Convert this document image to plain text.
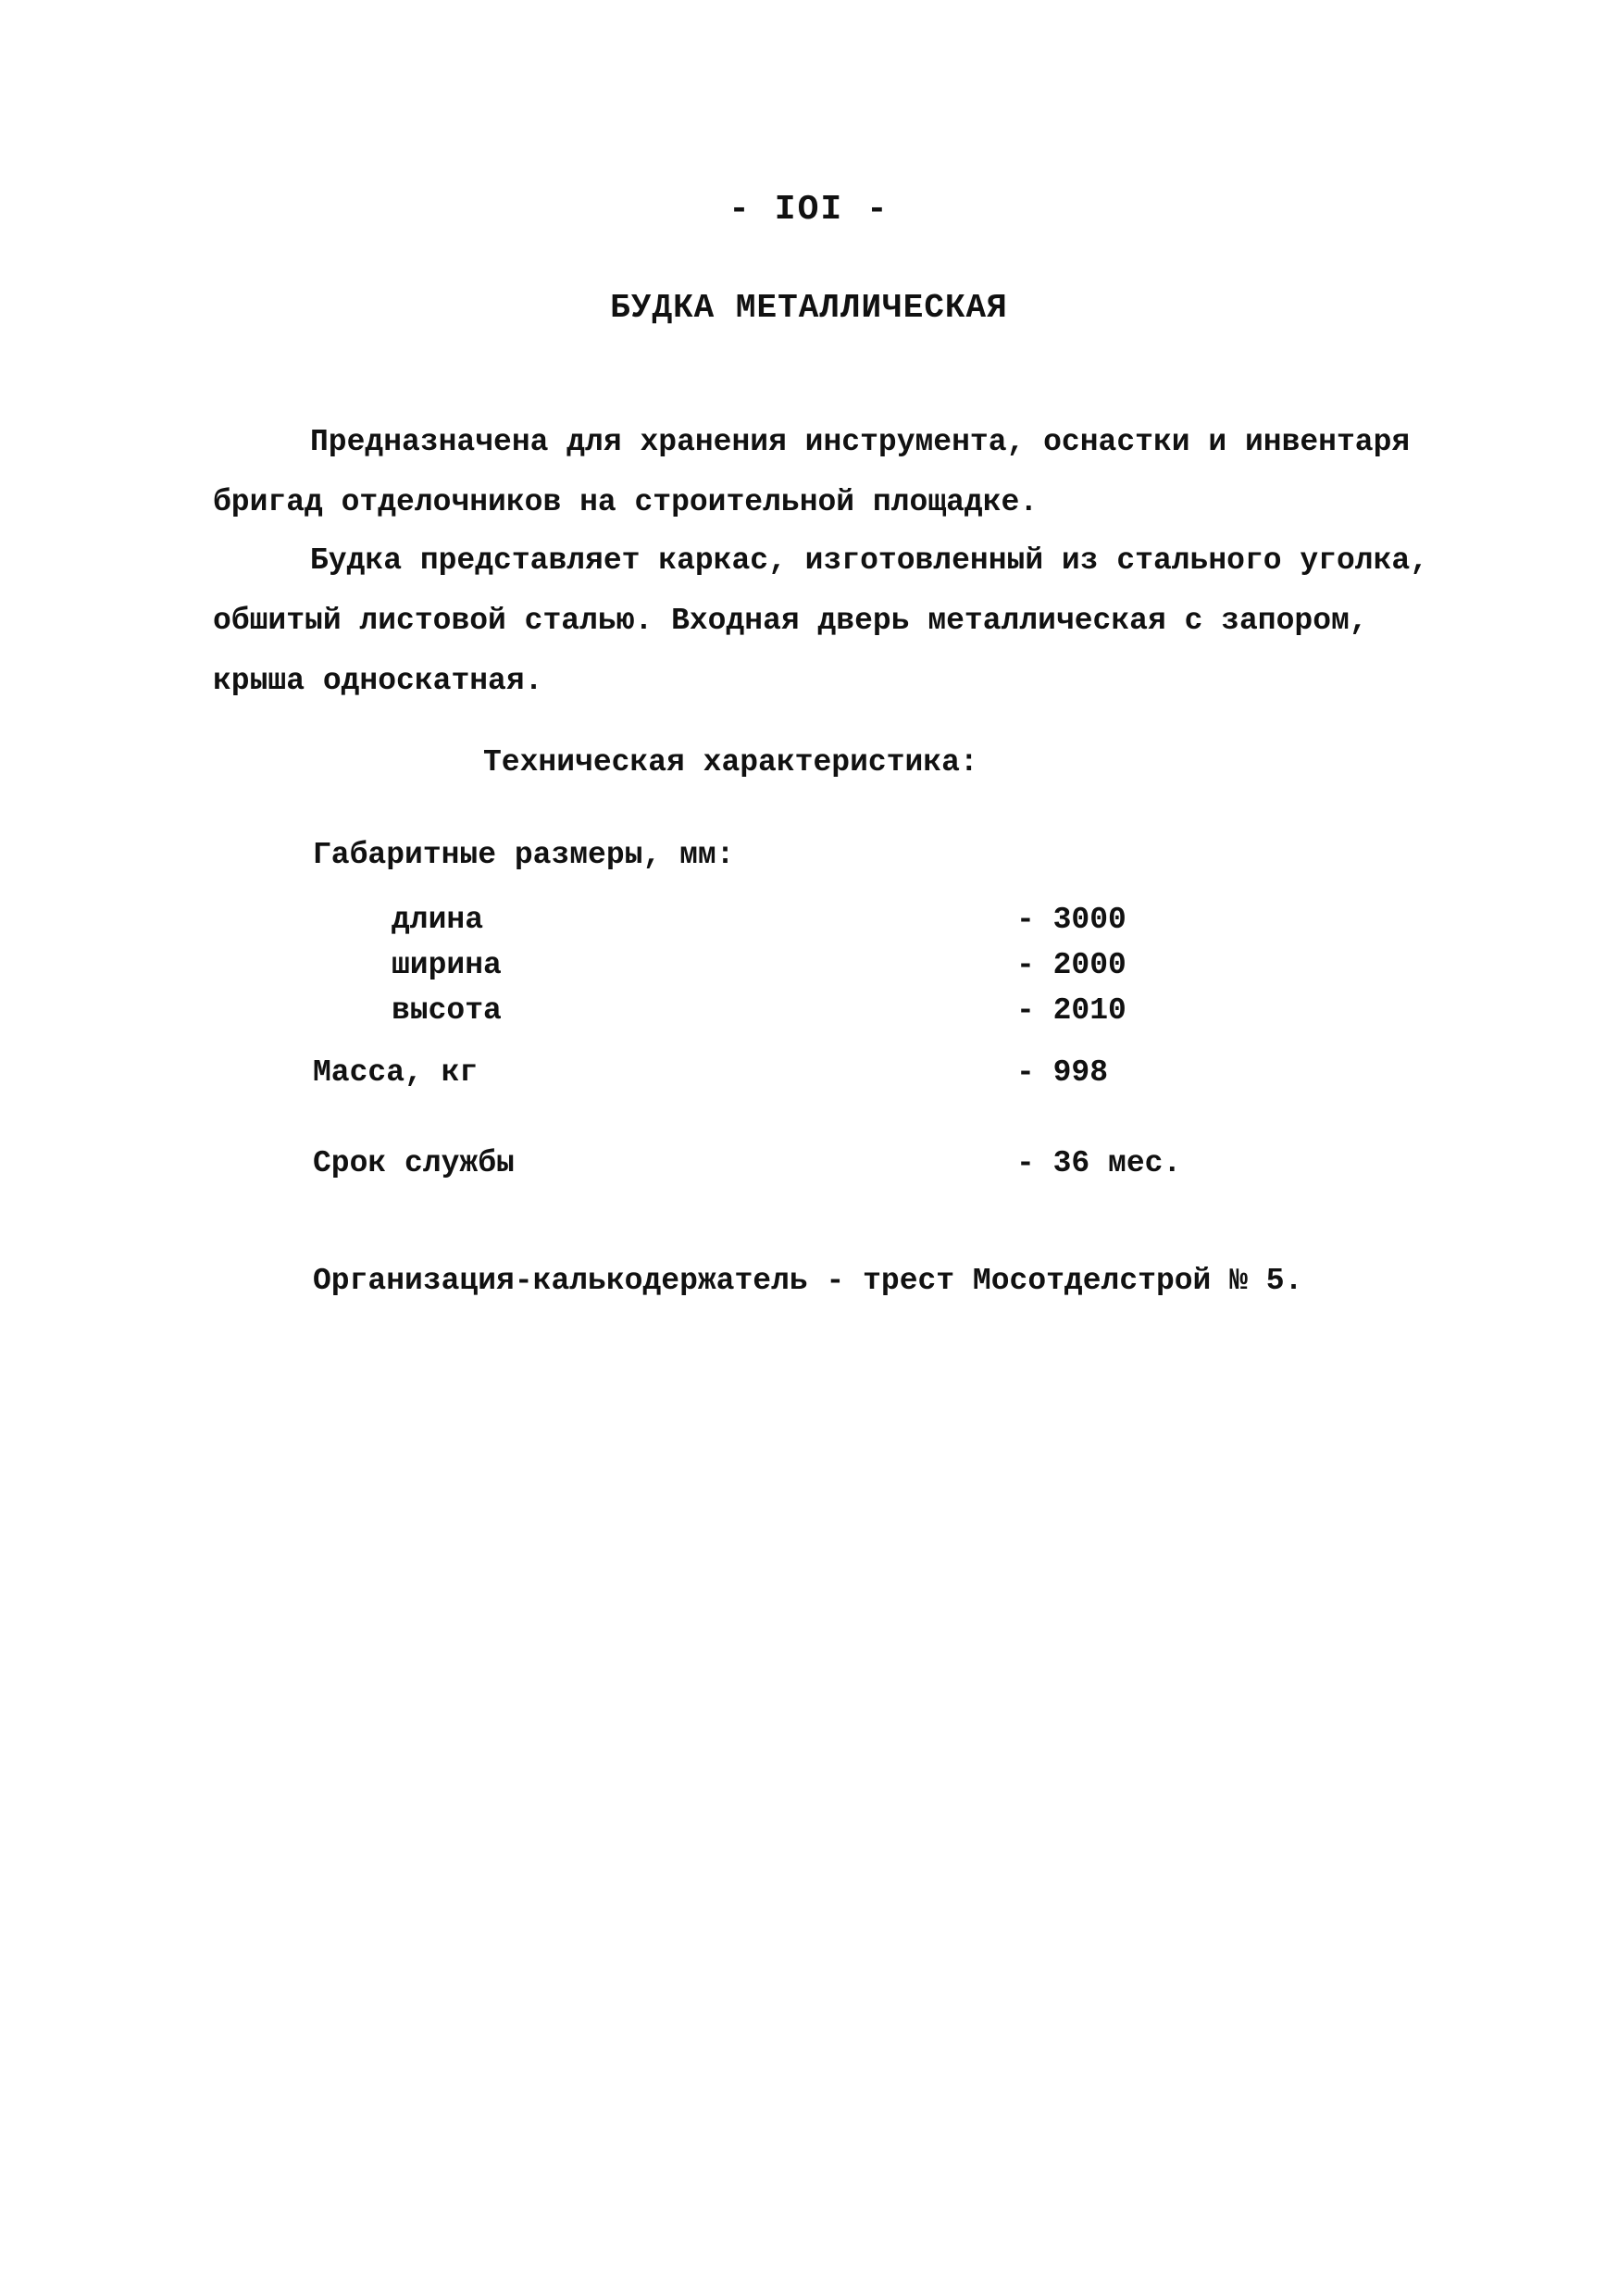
- IOI -
БУДКА МЕТАЛЛИЧЕСКАЯ
Предназначена для хранения инструмента, оснастки и инвентаря
бригад отделочников на строительной площадке.
Будка представляет каркас, изготовленный из стального уголка,
обшитый листовой сталью. Входная дверь металлическая с запором,
крыша односкатная.
Техническая характеристика:
Габаритные размеры, мм:
длина	- 3000
ширина	- 2000
высота	- 2010
Масса, кг	- 998
Срок службы	- 36 мес.
Организация-калькодержатель - трест Мосотделстрой № 5.
